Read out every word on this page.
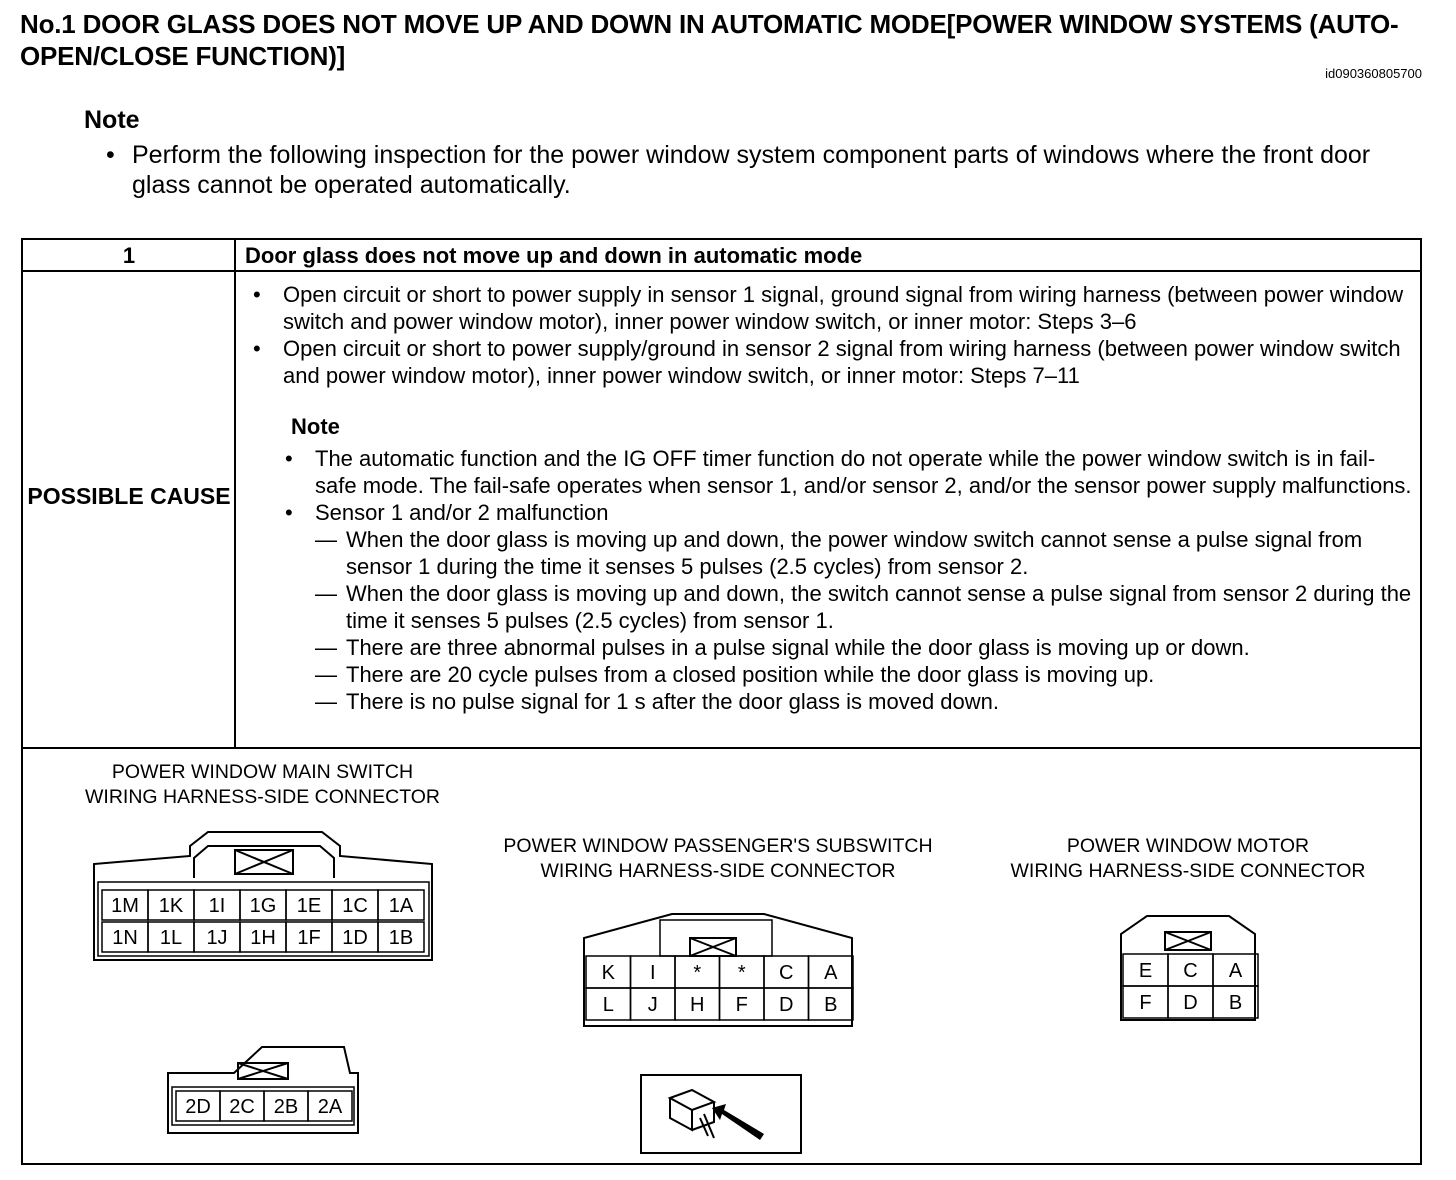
No.1 DOOR GLASS DOES NOT MOVE UP AND DOWN IN AUTOMATIC MODE[POWER WINDOW SYSTEMS (AUTO-OPEN/CLOSE FUNCTION)]
id090360805700
Note
• Perform the following inspection for the power window system component parts of windows where the front door glass cannot be operated automatically.
1	Door glass does not move up and down in automatic mode
POSSIBLE CAUSE
• Open circuit or short to power supply in sensor 1 signal, ground signal from wiring harness (between power window switch and power window motor), inner power window switch, or inner motor: Steps 3–6
• Open circuit or short to power supply/ground in sensor 2 signal from wiring harness (between power window switch and power window motor), inner power window switch, or inner motor: Steps 7–11
Note
• The automatic function and the IG OFF timer function do not operate while the power window switch is in fail-safe mode. The fail-safe operates when sensor 1, and/or sensor 2, and/or the sensor power supply malfunctions.
• Sensor 1 and/or 2 malfunction
— When the door glass is moving up and down, the power window switch cannot sense a pulse signal from sensor 1 during the time it senses 5 pulses (2.5 cycles) from sensor 2.
— When the door glass is moving up and down, the switch cannot sense a pulse signal from sensor 2 during the time it senses 5 pulses (2.5 cycles) from sensor 1.
— There are three abnormal pulses in a pulse signal while the door glass is moving up or down.
— There are 20 cycle pulses from a closed position while the door glass is moving up.
— There is no pulse signal for 1 s after the door glass is moved down.
POWER WINDOW MAIN SWITCH
WIRING HARNESS-SIDE CONNECTOR
POWER WINDOW PASSENGER'S SUBSWITCH
WIRING HARNESS-SIDE CONNECTOR
POWER WINDOW MOTOR
WIRING HARNESS-SIDE CONNECTOR
1M 1K 1I 1G 1E 1C 1A
1N 1L 1J 1H 1F 1D 1B
2D 2C 2B 2A
K I * * C A
L J H F D B
E C A
F D B
